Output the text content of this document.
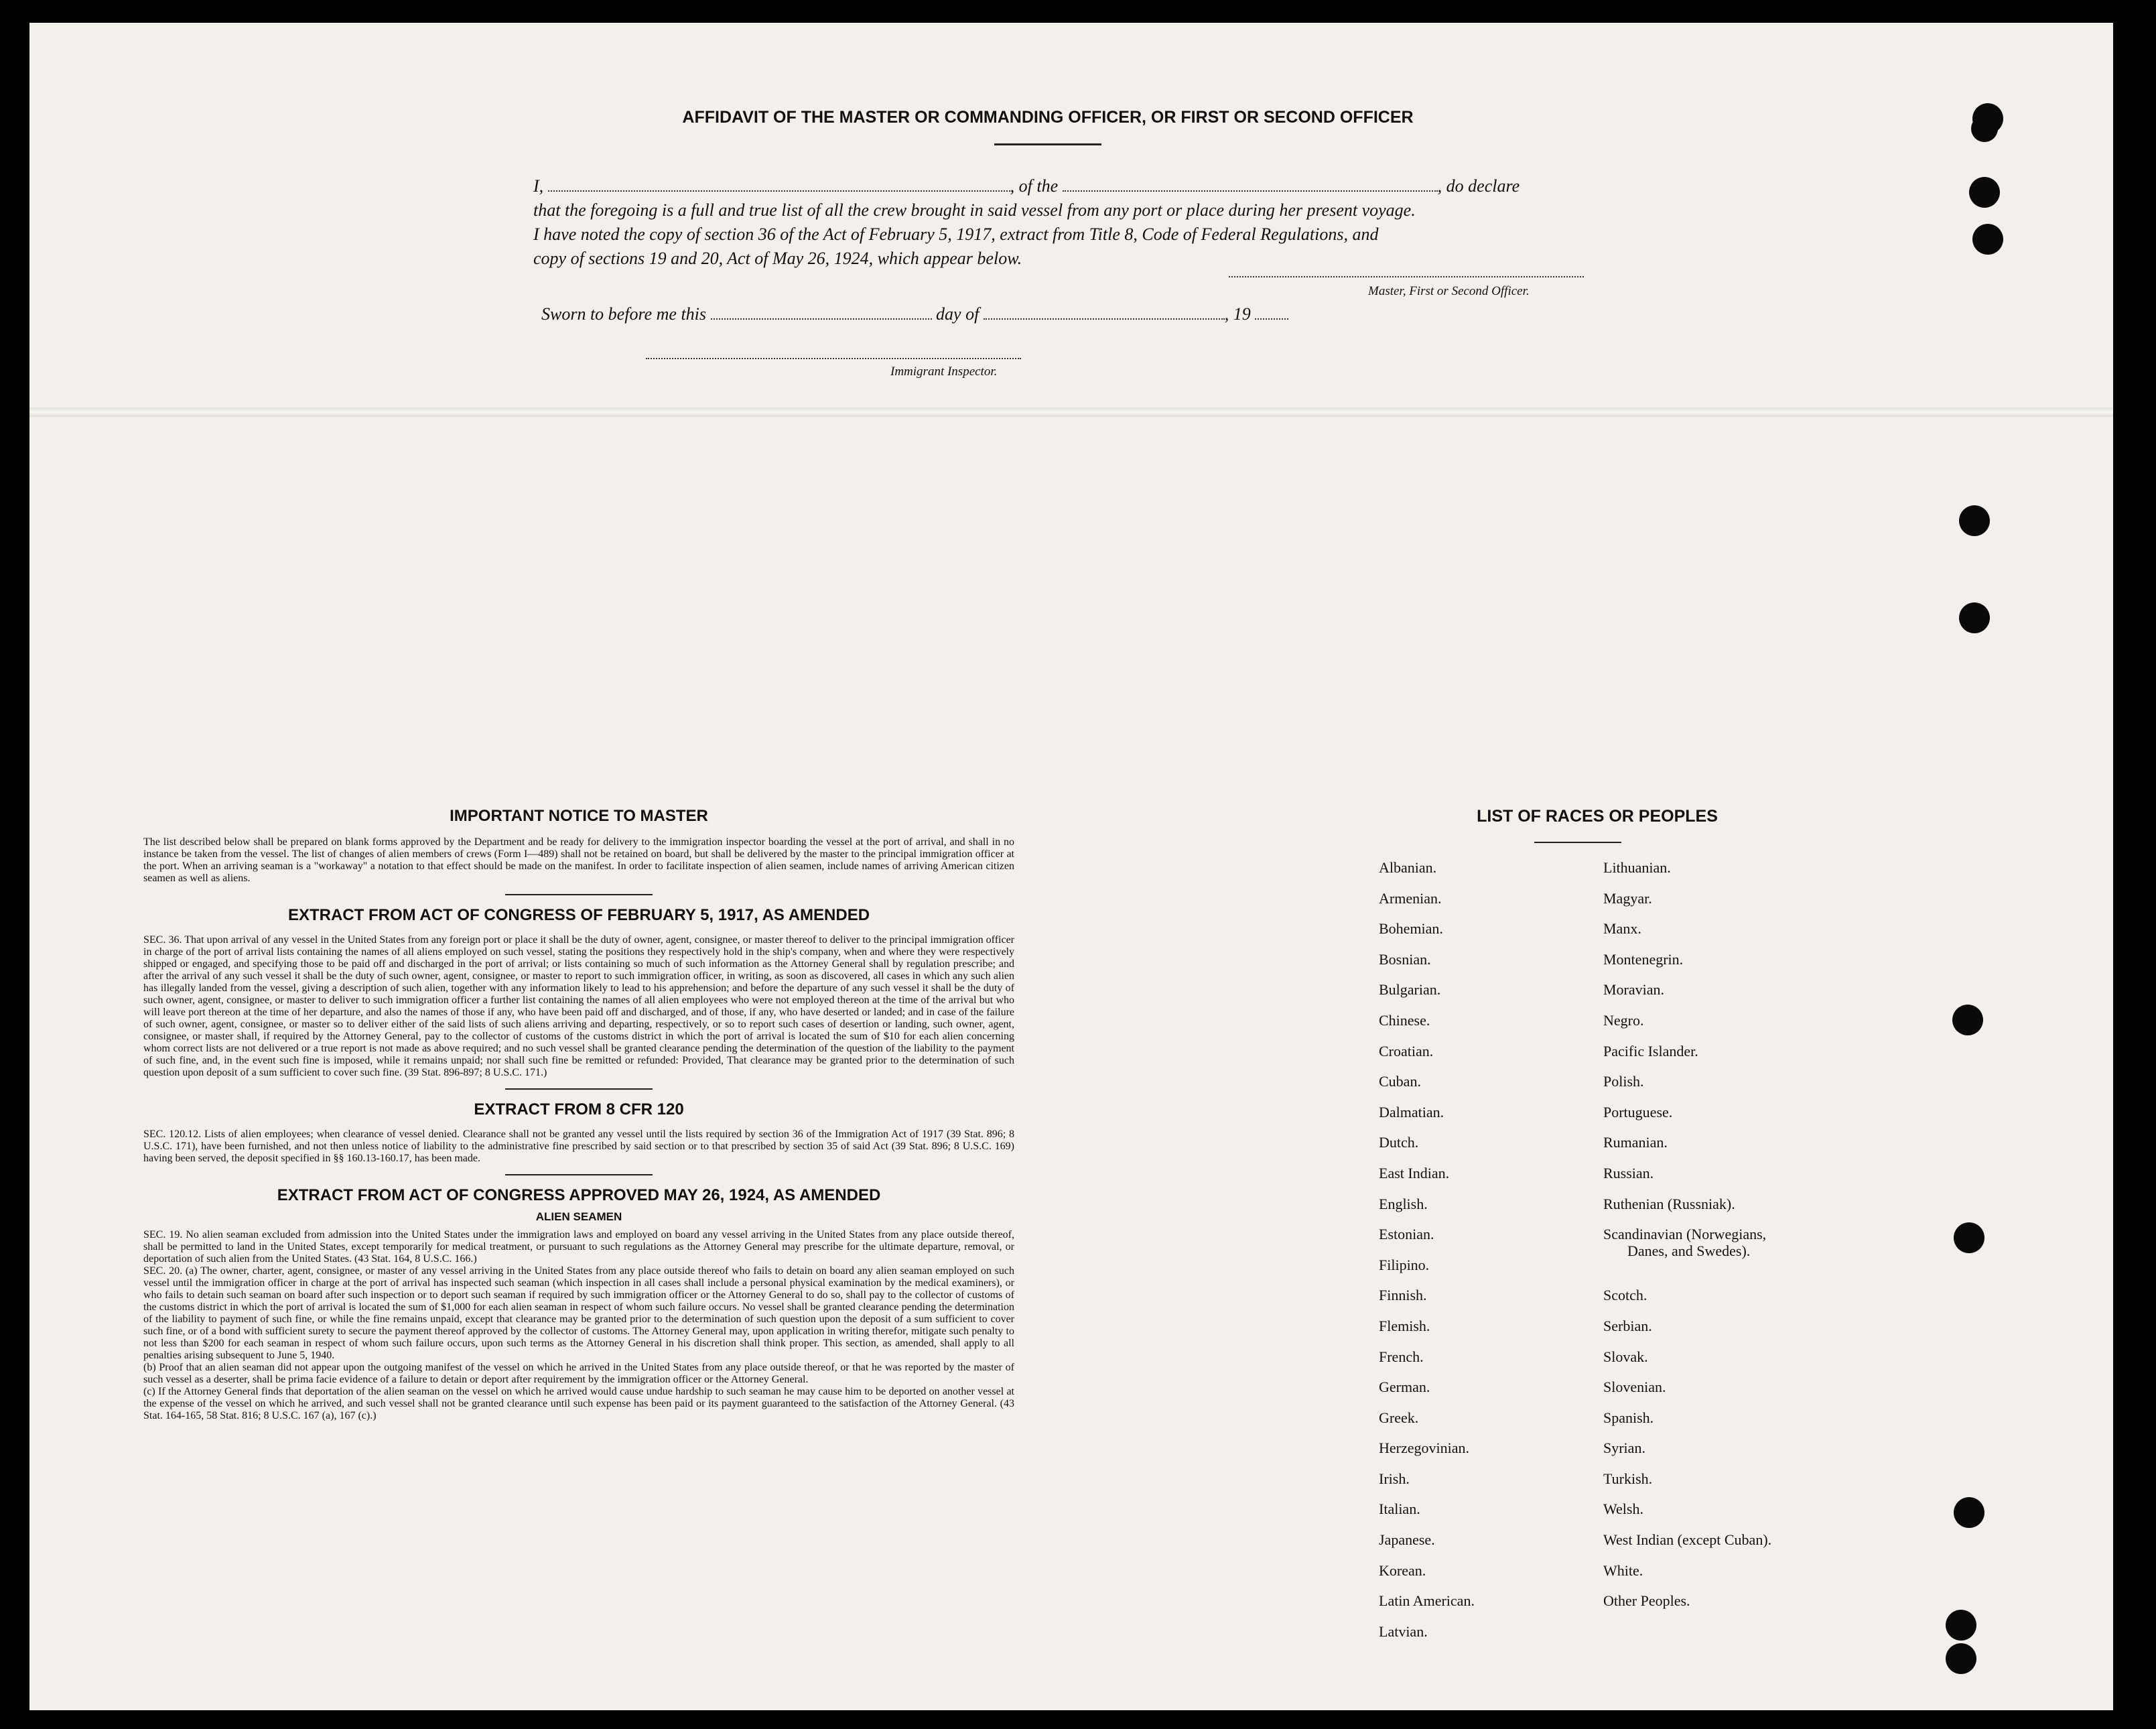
AFFIDAVIT OF THE MASTER OR COMMANDING OFFICER, OR FIRST OR SECOND OFFICER
I,	, of the	, do declare
that the foregoing is a full and true list of all the crew brought in said vessel from any port or place during her present voyage.
I have noted the copy of section 36 of the Act of February 5, 1917, extract from Title 8, Code of Federal Regulations, and
copy of sections 19 and 20, Act of May 26, 1924, which appear below.
Master, First or Second Officer.
Sworn to before me this	day of	, 19
Immigrant Inspector.

IMPORTANT NOTICE TO MASTER

The list described below shall be prepared on blank forms approved by the Department and be ready for delivery to the immigration inspector boarding the vessel at the port of arrival, and shall in no instance be taken from the vessel. The list of changes of alien members of crews (Form I—489) shall not be retained on board, but shall be delivered by the master to the principal immigration officer at the port. When an arriving seaman is a "workaway" a notation to that effect should be made on the manifest. In order to facilitate inspection of alien seamen, include names of arriving American citizen seamen as well as aliens.

EXTRACT FROM ACT OF CONGRESS OF FEBRUARY 5, 1917, AS AMENDED

SEC. 36. That upon arrival of any vessel in the United States from any foreign port or place it shall be the duty of owner, agent, consignee, or master thereof to deliver to the principal immigration officer in charge of the port of arrival lists containing the names of all aliens employed on such vessel, stating the positions they respectively hold in the ship's company, when and where they were respectively shipped or engaged, and specifying those to be paid off and discharged in the port of arrival; or lists containing so much of such information as the Attorney General shall by regulation prescribe; and after the arrival of any such vessel it shall be the duty of such owner, agent, consignee, or master to report to such immigration officer, in writing, as soon as discovered, all cases in which any such alien has illegally landed from the vessel, giving a description of such alien, together with any information likely to lead to his apprehension; and before the departure of any such vessel it shall be the duty of such owner, agent, consignee, or master to deliver to such immigration officer a further list containing the names of all alien employees who were not employed thereon at the time of the arrival but who will leave port thereon at the time of her departure, and also the names of those if any, who have been paid off and discharged, and of those, if any, who have deserted or landed; and in case of the failure of such owner, agent, consignee, or master so to deliver either of the said lists of such aliens arriving and departing, respectively, or so to report such cases of desertion or landing, such owner, agent, consignee, or master shall, if required by the Attorney General, pay to the collector of customs of the customs district in which the port of arrival is located the sum of $10 for each alien concerning whom correct lists are not delivered or a true report is not made as above required; and no such vessel shall be granted clearance pending the determination of the question of the liability to the payment of such fine, and, in the event such fine is imposed, while it remains unpaid; nor shall such fine be remitted or refunded: Provided, That clearance may be granted prior to the determination of such question upon deposit of a sum sufficient to cover such fine. (39 Stat. 896-897; 8 U.S.C. 171.)

EXTRACT FROM 8 CFR 120

SEC. 120.12. Lists of alien employees; when clearance of vessel denied. Clearance shall not be granted any vessel until the lists required by section 36 of the Immigration Act of 1917 (39 Stat. 896; 8 U.S.C. 171), have been furnished, and not then unless notice of liability to the administrative fine prescribed by said section or to that prescribed by section 35 of said Act (39 Stat. 896; 8 U.S.C. 169) having been served, the deposit specified in §§ 160.13-160.17, has been made.

EXTRACT FROM ACT OF CONGRESS APPROVED MAY 26, 1924, AS AMENDED

ALIEN SEAMEN

SEC. 19. No alien seaman excluded from admission into the United States under the immigration laws and employed on board any vessel arriving in the United States from any place outside thereof, shall be permitted to land in the United States, except temporarily for medical treatment, or pursuant to such regulations as the Attorney General may prescribe for the ultimate departure, removal, or deportation of such alien from the United States. (43 Stat. 164, 8 U.S.C. 166.)

SEC. 20. (a) The owner, charter, agent, consignee, or master of any vessel arriving in the United States from any place outside thereof who fails to detain on board any alien seaman employed on such vessel until the immigration officer in charge at the port of arrival has inspected such seaman (which inspection in all cases shall include a personal physical examination by the medical examiners), or who fails to detain such seaman on board after such inspection or to deport such seaman if required by such immigration officer or the Attorney General to do so, shall pay to the collector of customs of the customs district in which the port of arrival is located the sum of $1,000 for each alien seaman in respect of whom such failure occurs. No vessel shall be granted clearance pending the determination of the liability to payment of such fine, or while the fine remains unpaid, except that clearance may be granted prior to the determination of such question upon the deposit of a sum sufficient to cover such fine, or of a bond with sufficient surety to secure the payment thereof approved by the collector of customs. The Attorney General may, upon application in writing therefor, mitigate such penalty to not less than $200 for each seaman in respect of whom such failure occurs, upon such terms as the Attorney General in his discretion shall think proper. This section, as amended, shall apply to all penalties arising subsequent to June 5, 1940.

(b) Proof that an alien seaman did not appear upon the outgoing manifest of the vessel on which he arrived in the United States from any place outside thereof, or that he was reported by the master of such vessel as a deserter, shall be prima facie evidence of a failure to detain or deport after requirement by the immigration officer or the Attorney General.

(c) If the Attorney General finds that deportation of the alien seaman on the vessel on which he arrived would cause undue hardship to such seaman he may cause him to be deported on another vessel at the expense of the vessel on which he arrived, and such vessel shall not be granted clearance until such expense has been paid or its payment guaranteed to the satisfaction of the Attorney General. (43 Stat. 164-165, 58 Stat. 816; 8 U.S.C. 167 (a), 167 (c).)

LIST OF RACES OR PEOPLES
Albanian.	Lithuanian.
Armenian.	Magyar.
Bohemian.	Manx.
Bosnian.	Montenegrin.
Bulgarian.	Moravian.
Chinese.	Negro.
Croatian.	Pacific Islander.
Cuban.	Polish.
Dalmatian.	Portuguese.
Dutch.	Rumanian.
East Indian.	Russian.
English.	Ruthenian (Russniak).
Estonian.	Scandinavian (Norwegians,
Danes, and Swedes).
Filipino.
Finnish.	Scotch.
Flemish.	Serbian.
French.	Slovak.
German.	Slovenian.
Greek.	Spanish.
Herzegovinian.	Syrian.
Irish.	Turkish.
Italian.	Welsh.
Japanese.	West Indian (except Cuban).
Korean.	White.
Latin American.	Other Peoples.
Latvian.
